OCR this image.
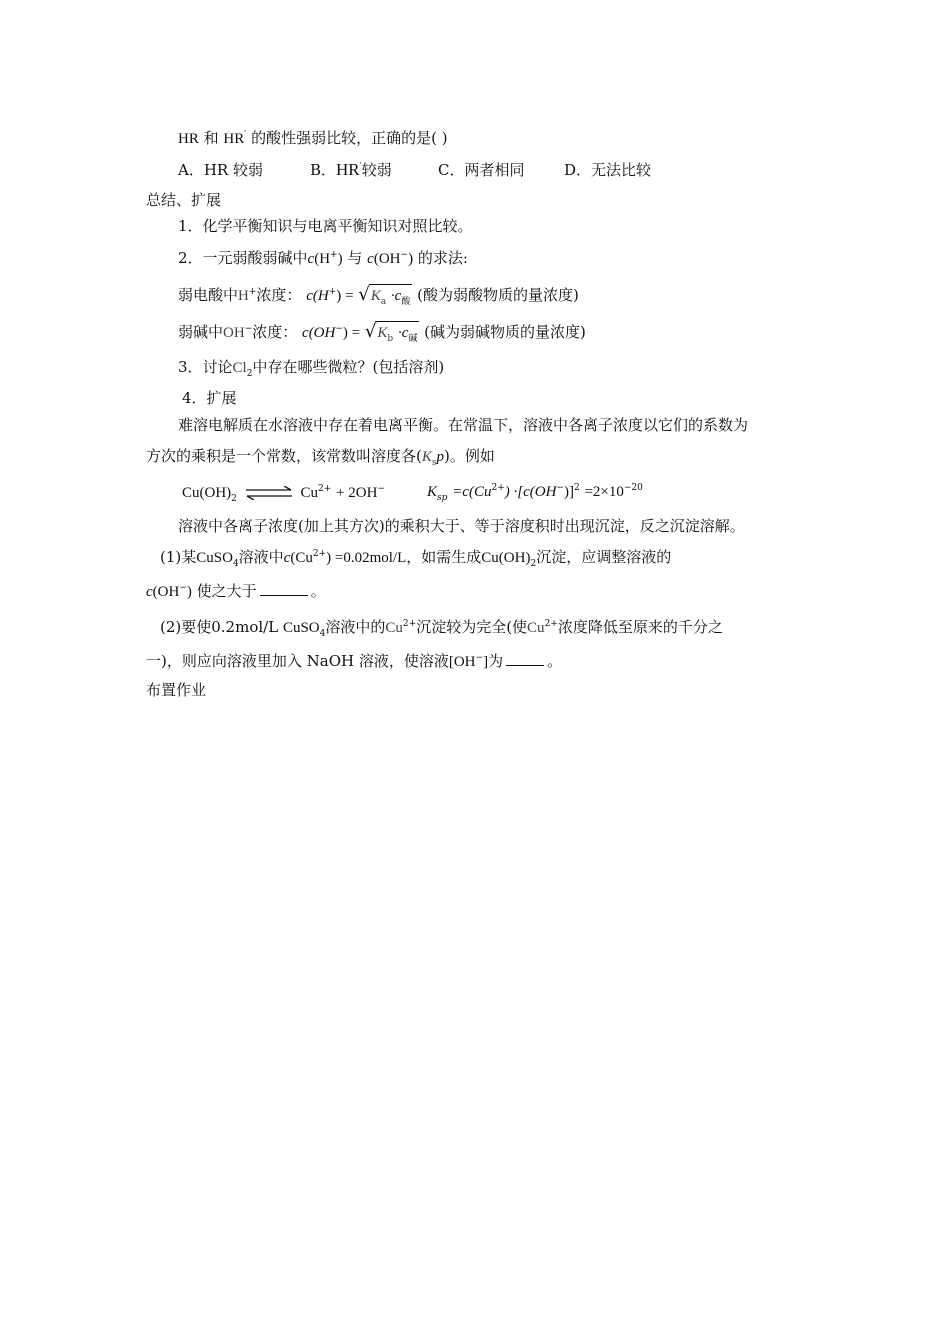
HR 和 HR′ 的酸性强弱比较，正确的是( )
A．HR 较弱	B．HR′较弱	C．两者相同	D．无法比较
总结、扩展
1．化学平衡知识与电离平衡知识对照比较。
2．一元弱酸弱碱中c(H+) 与 c(OH−) 的求法:
弱电酸中H+浓度： $c(H^+) = √K_a \cdot c_酸$ (酸为弱酸物质的量浓度)
弱碱中OH−浓度： $c(OH^-) = √K_b \cdot c_碱$ (碱为弱碱物质的量浓度)
3．讨论$Cl_2$中存在哪些微粒？(包括溶剂)
4．扩展
难溶电解质在水溶液中存在着电离平衡。在常温下，溶液中各离子浓度以它们的系数为
方次的乘积是一个常数，该常数叫溶度各$(K_sp)$。例如
$Cu(OH)_2$ ⇌ $Cu^{2+} + 2OH^-$	$K_{sp} =c(Cu^{2+}) \cdot[c(OH^-)]^2 =2\times 10^{-20}$
溶液中各离子浓度(加上其方次)的乘积大于、等于溶度积时出现沉淀，反之沉淀溶解。
(1)某CuSO$_4$溶液中$c(Cu^{2+}) =0.02mol/L$，如需生成$Cu(OH)_2$沉淀，应调整溶液的
c(OH−) 使之大于	。
(2)要使0.2mol/L CuSO$_4$溶液中的$Cu^{2+}$沉淀较为完全(使$Cu^{2+}$浓度降低至原来的千分之
一)，则应向溶液里加入 NaOH 溶液，使溶液[OH−]为	。
布置作业
